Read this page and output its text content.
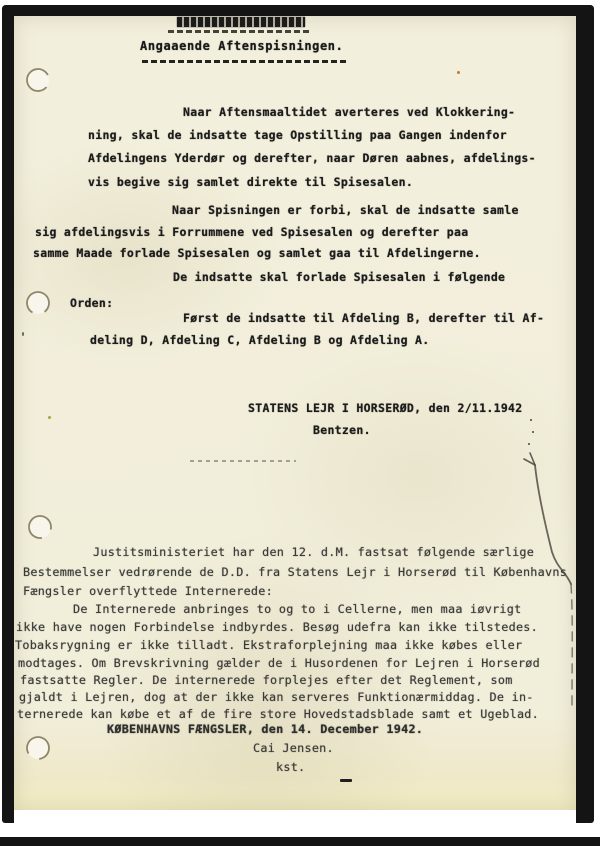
Angaaende Aftenspisningen.
Naar Aftensmaaltidet averteres ved Klokkering-
ning, skal de indsatte tage Opstilling paa Gangen indenfor
Afdelingens Yderdør og derefter, naar Døren aabnes, afdelings-
vis begive sig samlet direkte til Spisesalen.
Naar Spisningen er forbi, skal de indsatte samle
sig afdelingsvis i Forrummene ved Spisesalen og derefter paa
samme Maade forlade Spisesalen og samlet gaa til Afdelingerne.
De indsatte skal forlade Spisesalen i følgende
Orden:
Først de indsatte til Afdeling B, derefter til Af-
deling D, Afdeling C, Afdeling B og Afdeling A.
STATENS LEJR I HORSERØD, den 2/11.1942
Bentzen.
Justitsministeriet har den 12. d.M. fastsat følgende særlige
Bestemmelser vedrørende de D.D. fra Statens Lejr i Horserød til Københavns
Fængsler overflyttede Internerede:
De Internerede anbringes to og to i Cellerne, men maa iøvrigt
ikke have nogen Forbindelse indbyrdes. Besøg udefra kan ikke tilstedes.
Tobaksrygning er ikke tilladt. Ekstraforplejning maa ikke købes eller
modtages. Om Brevskrivning gælder de i Husordenen for Lejren i Horserød
fastsatte Regler. De internerede forplejes efter det Reglement, som
gjaldt i Lejren, dog at der ikke kan serveres Funktionærmiddag. De in-
ternerede kan købe et af de fire store Hovedstadsblade samt et Ugeblad.
KØBENHAVNS FÆNGSLER, den 14. December 1942.
Cai Jensen.
kst.
